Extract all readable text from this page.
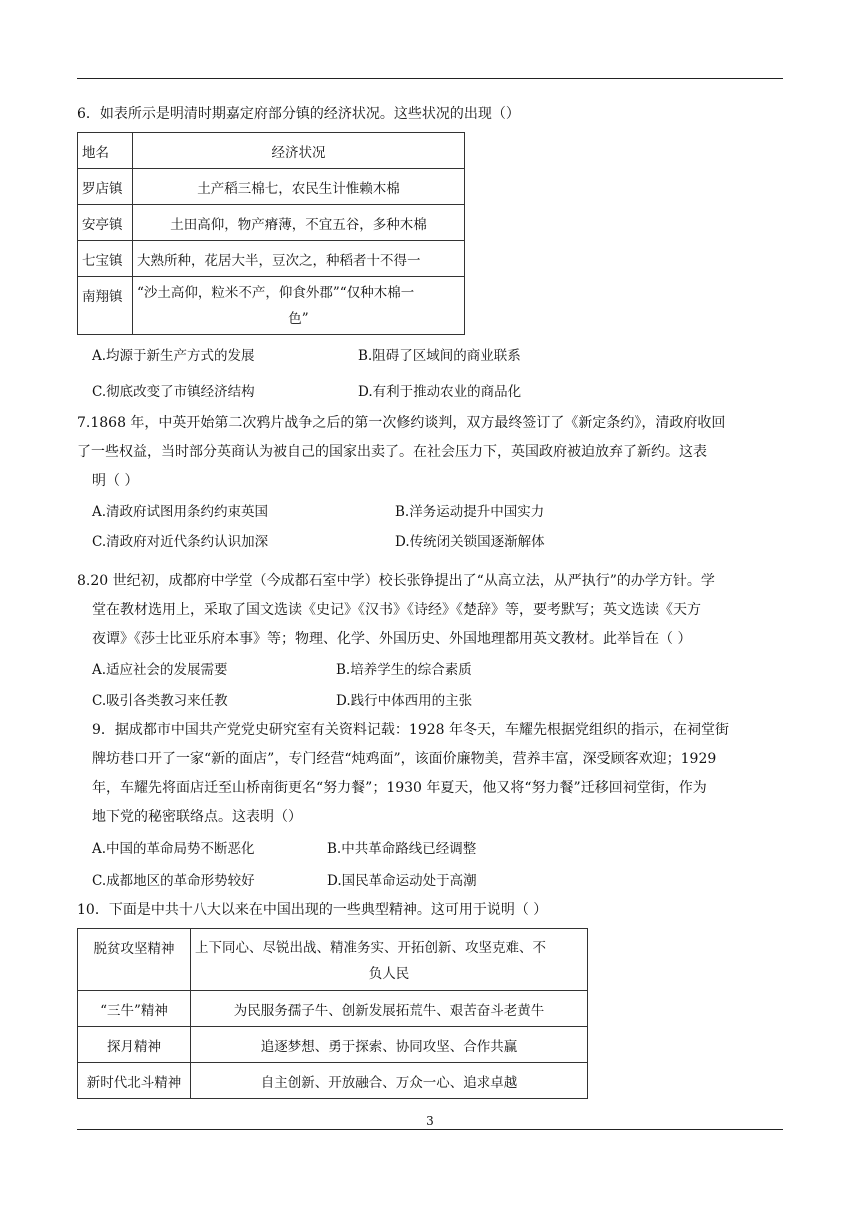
6．如表所示是明清时期嘉定府部分镇的经济状况。这些状况的出现（）
地名	经济状况
罗店镇	土产稻三棉七，农民生计惟赖木棉
安亭镇	土田高仰，物产瘠薄，不宜五谷，多种木棉
七宝镇	大熟所种，花居大半，豆次之，种稻者十不得一
南翔镇	“沙土高仰，粒米不产，仰食外郡”“仅种木棉一
色”
A.均源于新生产方式的发展	B.阻碍了区域间的商业联系
C.彻底改变了市镇经济结构	D.有利于推动农业的商品化
7.1868 年，中英开始第二次鸦片战争之后的第一次修约谈判，双方最终签订了《新定条约》，清政府收回
了一些权益，当时部分英商认为被自己的国家出卖了。在社会压力下，英国政府被迫放弃了新约。这表
明（ ）
A.清政府试图用条约约束英国	B.洋务运动提升中国实力
C.清政府对近代条约认识加深	D.传统闭关锁国逐渐解体
8.20 世纪初，成都府中学堂（今成都石室中学）校长张铮提出了“从高立法，从严执行”的办学方针。学
堂在教材选用上，采取了国文选读《史记》《汉书》《诗经》《楚辞》等，要考默写；英文选读《天方
夜谭》《莎士比亚乐府本事》等；物理、化学、外国历史、外国地理都用英文教材。此举旨在（ ）
A.适应社会的发展需要	B.培养学生的综合素质
C.吸引各类教习来任教	D.践行中体西用的主张
9．据成都市中国共产党党史研究室有关资料记载：1928 年冬天，车耀先根据党组织的指示，在祠堂街
牌坊巷口开了一家“新的面店”，专门经营“炖鸡面”，该面价廉物美，营养丰富，深受顾客欢迎；1929
年，车耀先将面店迁至山桥南街更名“努力餐”；1930 年夏天，他又将“努力餐”迁移回祠堂街，作为
地下党的秘密联络点。这表明（）
A.中国的革命局势不断恶化	B.中共革命路线已经调整
C.成都地区的革命形势较好	D.国民革命运动处于高潮
10．下面是中共十八大以来在中国出现的一些典型精神。这可用于说明（ ）
脱贫攻坚精神	上下同心、尽锐出战、精准务实、开拓创新、攻坚克难、不
负人民

“三牛”精神	为民服务孺子牛、创新发展拓荒牛、艰苦奋斗老黄牛
探月精神	追逐梦想、勇于探索、协同攻坚、合作共赢
新时代北斗精神	自主创新、开放融合、万众一心、追求卓越
3
